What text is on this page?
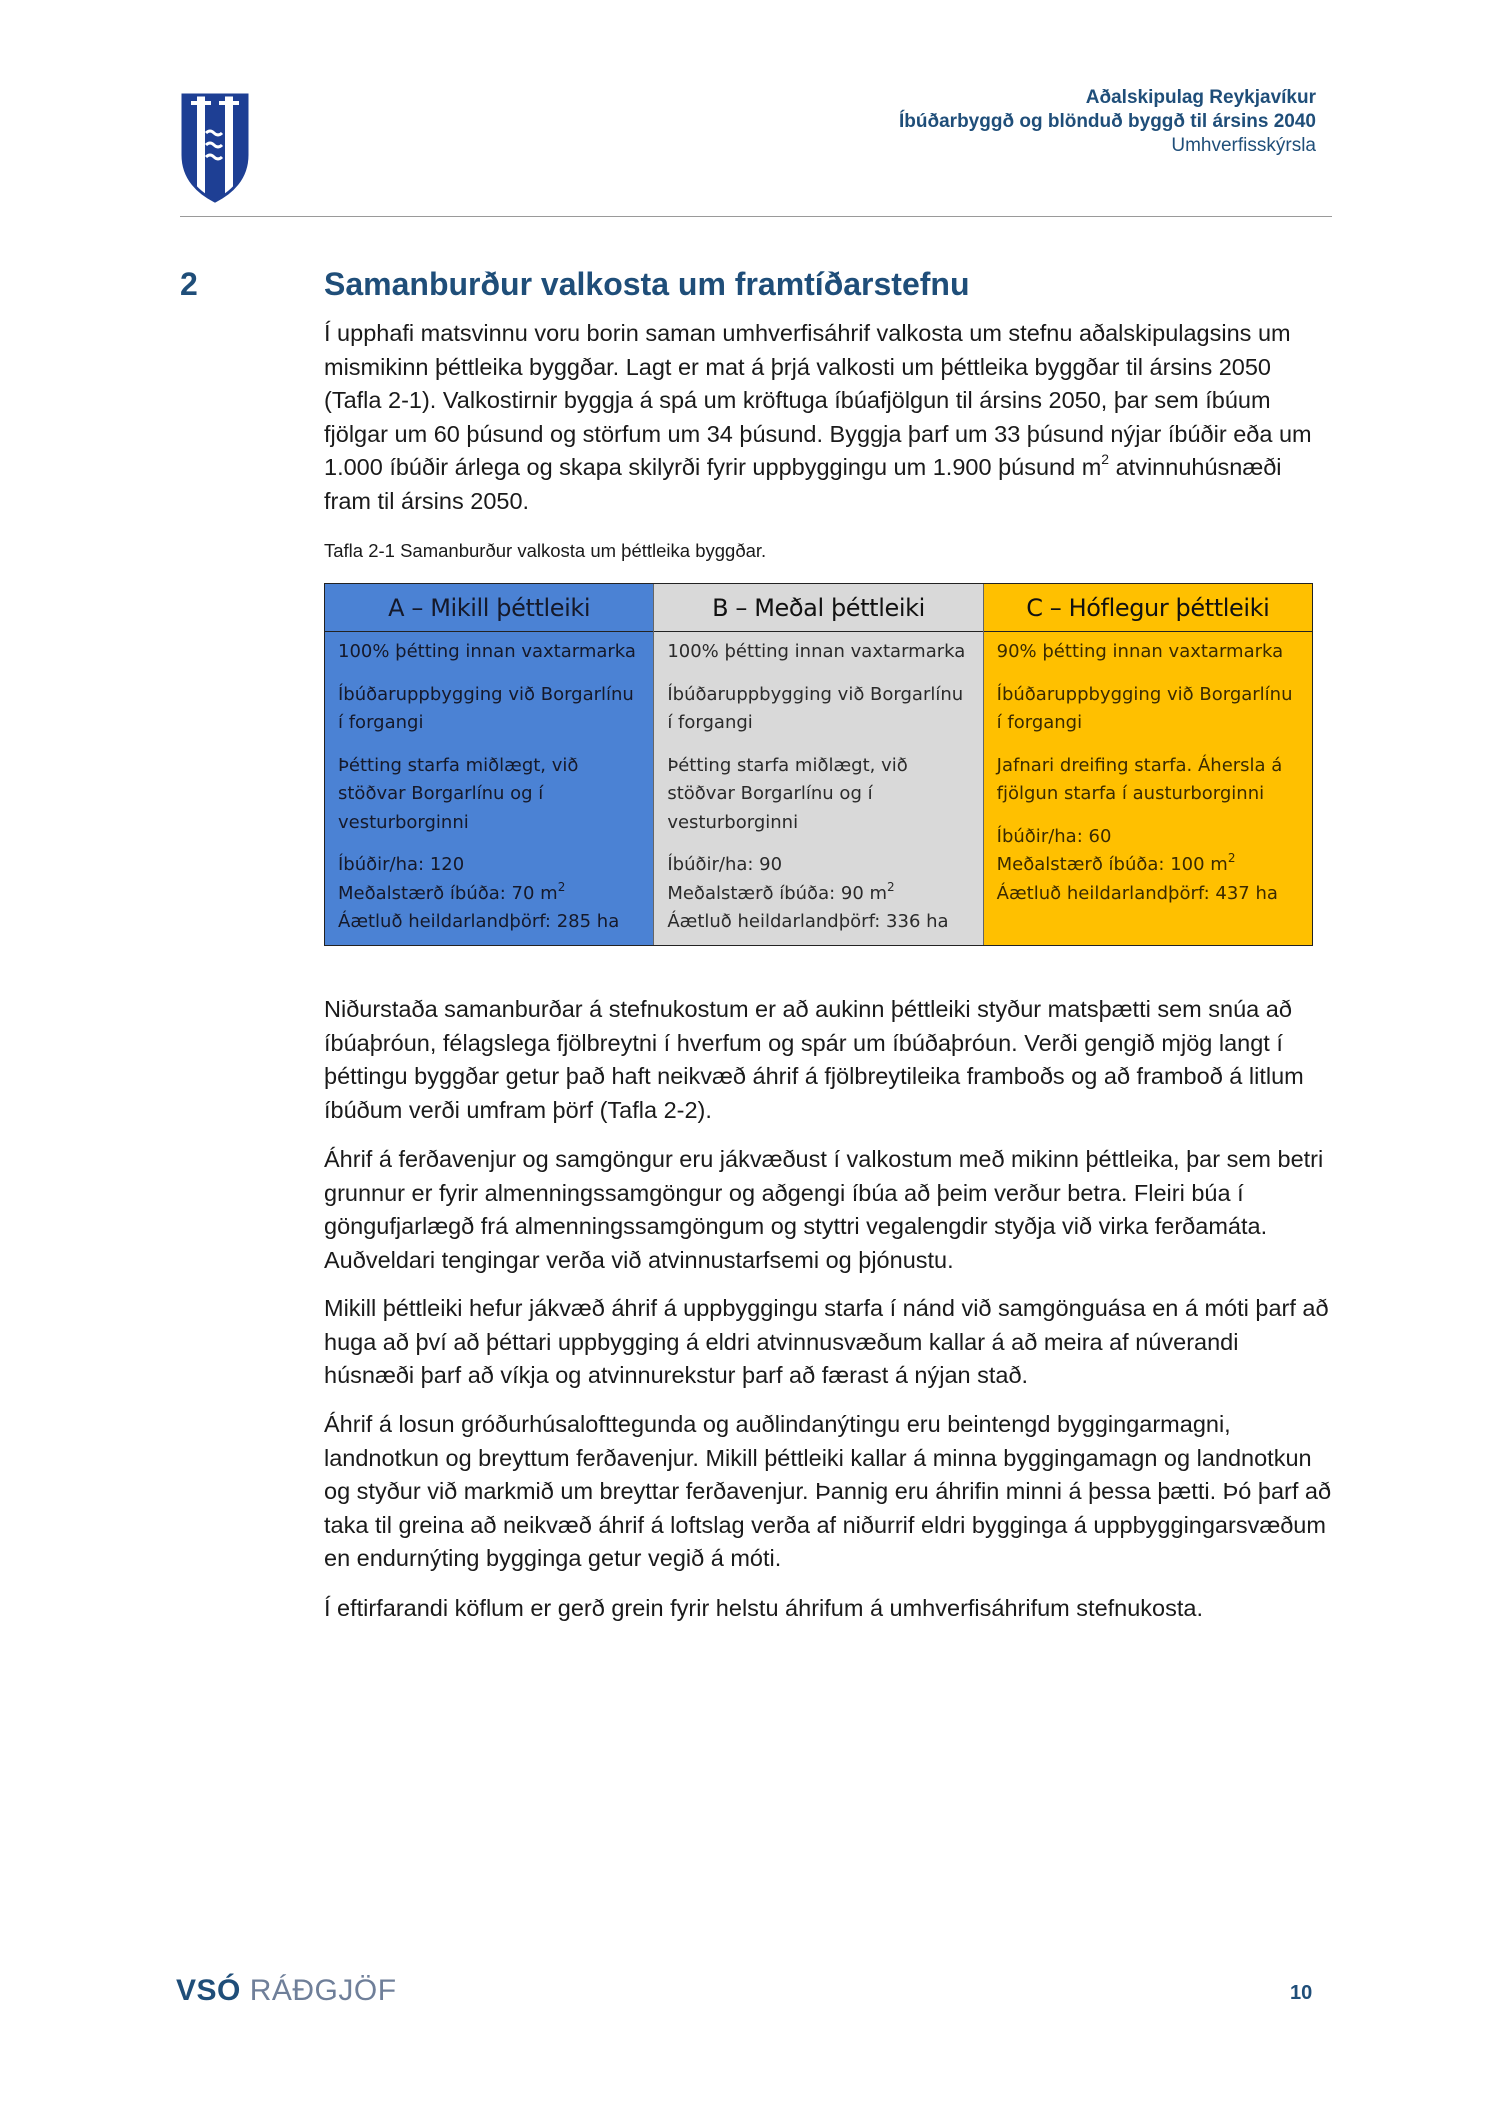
Aðalskipulag Reykjavíkur
Íbúðarbyggð og blönduð byggð til ársins 2040
Umhverfisskýrsla
2	Samanburður valkosta um framtíðarstefnu
Í upphafi matsvinnu voru borin saman umhverfisáhrif valkosta um stefnu aðalskipulagsins um mismikinn þéttleika byggðar. Lagt er mat á þrjá valkosti um þéttleika byggðar til ársins 2050 (Tafla 2-1). Valkostirnir byggja á spá um kröftuga íbúafjölgun til ársins 2050, þar sem íbúum fjölgar um 60 þúsund og störfum um 34 þúsund. Byggja þarf um 33 þúsund nýjar íbúðir eða um 1.000 íbúðir árlega og skapa skilyrði fyrir uppbyggingu um 1.900 þúsund $m^2$ atvinnuhúsnæði fram til ársins 2050.
Tafla 2-1 Samanburður valkosta um þéttleika byggðar.
A – Mikill þéttleiki
100% þétting innan vaxtarmarka
Íbúðaruppbygging við Borgarlínu í forgangi
Þétting starfa miðlægt, við stöðvar Borgarlínu og í vesturborginni
Íbúðir/ha: 120
Meðalstærð íbúða: 70 $m^2$
Áætluð heildarlandþörf: 285 ha
B – Meðal þéttleiki
100% þétting innan vaxtarmarka
Íbúðaruppbygging við Borgarlínu í forgangi
Þétting starfa miðlægt, við stöðvar Borgarlínu og í vesturborginni
Íbúðir/ha: 90
Meðalstærð íbúða: 90 $m^2$
Áætluð heildarlandþörf: 336 ha
C – Hóflegur þéttleiki
90% þétting innan vaxtarmarka
Íbúðaruppbygging við Borgarlínu í forgangi
Jafnari dreifing starfa. Áhersla á fjölgun starfa í austurborginni
Íbúðir/ha: 60
Meðalstærð íbúða: 100 $m^2$
Áætluð heildarlandþörf: 437 ha
Niðurstaða samanburðar á stefnukostum er að aukinn þéttleiki styður matsþætti sem snúa að íbúaþróun, félagslega fjölbreytni í hverfum og spár um íbúðaþróun. Verði gengið mjög langt í þéttingu byggðar getur það haft neikvæð áhrif á fjölbreytileika framboðs og að framboð á litlum íbúðum verði umfram þörf (Tafla 2-2).
Áhrif á ferðavenjur og samgöngur eru jákvæðust í valkostum með mikinn þéttleika, þar sem betri grunnur er fyrir almenningssamgöngur og aðgengi íbúa að þeim verður betra. Fleiri búa í göngufjarlægð frá almenningssamgöngum og styttri vegalengdir styðja við virka ferðamáta. Auðveldari tengingar verða við atvinnustarfsemi og þjónustu.
Mikill þéttleiki hefur jákvæð áhrif á uppbyggingu starfa í nánd við samgönguása en á móti þarf að huga að því að þéttari uppbygging á eldri atvinnusvæðum kallar á að meira af núverandi húsnæði þarf að víkja og atvinnurekstur þarf að færast á nýjan stað.
Áhrif á losun gróðurhúsalofttegunda og auðlindanýtingu eru beintengd byggingarmagni, landnotkun og breyttum ferðavenjur. Mikill þéttleiki kallar á minna byggingamagn og landnotkun og styður við markmið um breyttar ferðavenjur. Þannig eru áhrifin minni á þessa þætti. Þó þarf að taka til greina að neikvæð áhrif á loftslag verða af niðurrif eldri bygginga á uppbyggingarsvæðum en endurnýting bygginga getur vegið á móti.
Í eftirfarandi köflum er gerð grein fyrir helstu áhrifum á umhverfisáhrifum stefnukosta.
VSÓ RÁÐGJÖF	10
